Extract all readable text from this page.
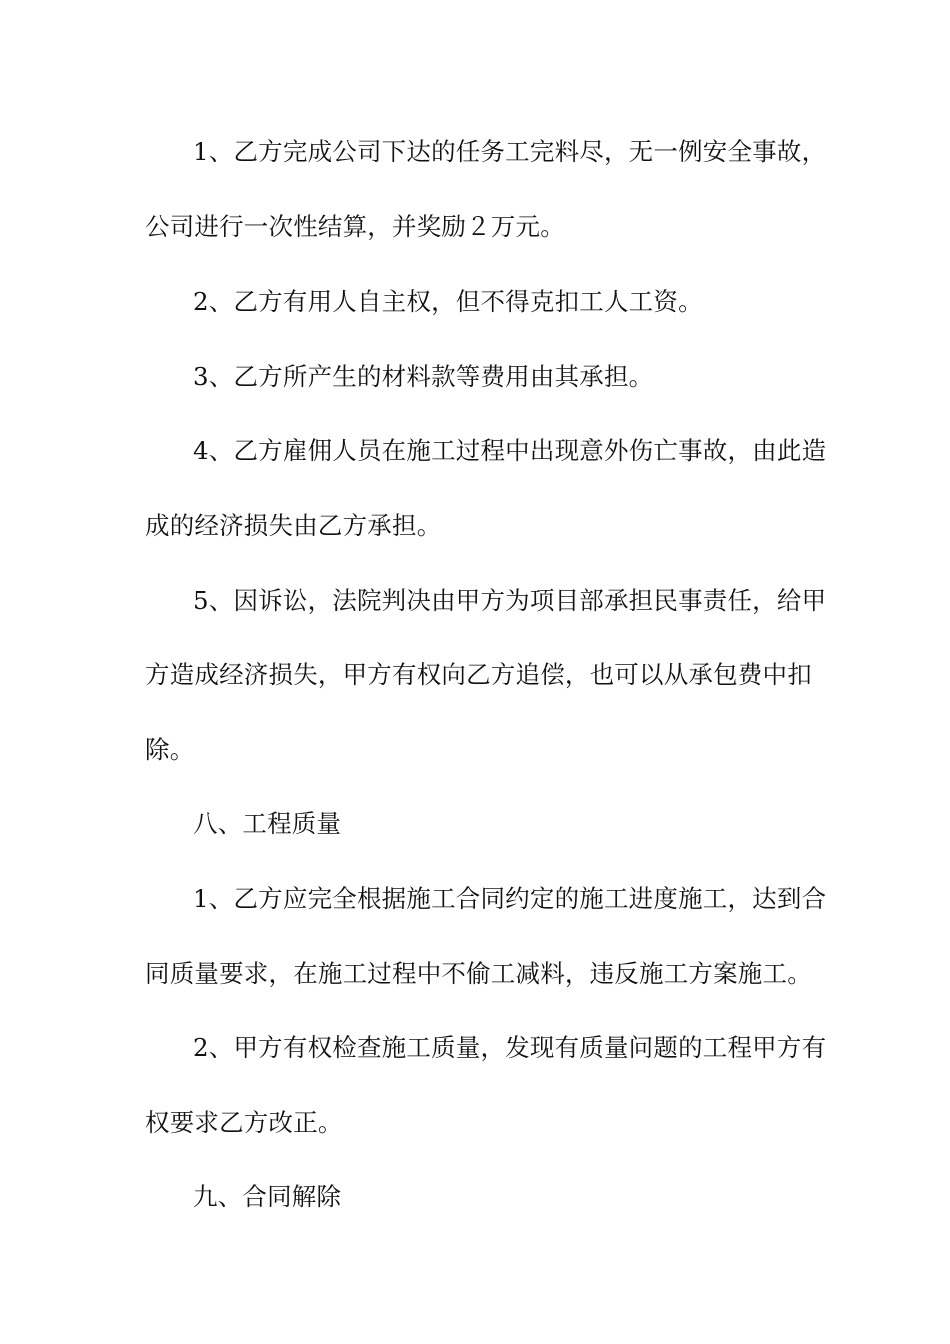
1、乙方完成公司下达的任务工完料尽，无一例安全事故，
公司进行一次性结算，并奖励２万元。
2、乙方有用人自主权，但不得克扣工人工资。
3、乙方所产生的材料款等费用由其承担。
4、乙方雇佣人员在施工过程中出现意外伤亡事故，由此造
成的经济损失由乙方承担。
5、因诉讼，法院判决由甲方为项目部承担民事责任，给甲
方造成经济损失，甲方有权向乙方追偿，也可以从承包费中扣
除。
八、工程质量
1、乙方应完全根据施工合同约定的施工进度施工，达到合
同质量要求，在施工过程中不偷工减料，违反施工方案施工。
2、甲方有权检查施工质量，发现有质量问题的工程甲方有
权要求乙方改正。
九、合同解除
